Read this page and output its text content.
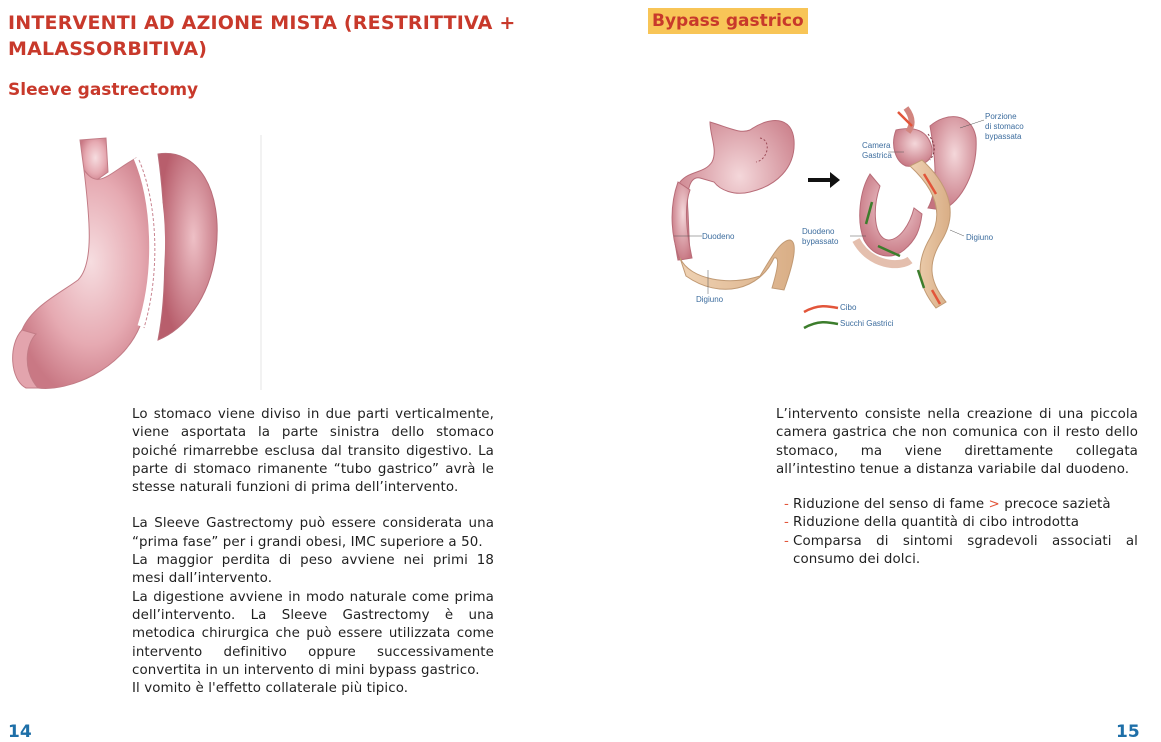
INTERVENTI AD AZIONE MISTA (RESTRITTIVA + MALASSORBITIVA)
Sleeve gastrectomy

Lo stomaco viene diviso in due parti verticalmente, viene asportata la parte sinistra dello stomaco poiché rimarrebbe esclusa dal transito digestivo. La parte di stomaco rimanente “tubo gastrico” avrà le stesse naturali funzioni di prima dell’intervento.

La Sleeve Gastrectomy può essere considerata una “prima fase” per i grandi obesi, IMC superiore a 50.

La maggior perdita di peso avviene nei primi 18 mesi dall’intervento.

La digestione avviene in modo naturale come prima dell’intervento. La Sleeve Gastrectomy è una metodica chirurgica che può essere utilizzata come intervento definitivo oppure successivamente convertita in un intervento di mini bypass gastrico.

Il vomito è l'effetto collaterale più tipico.

14
Bypass gastrico
Duodeno
Digiuno
Camera
Gastrica
Porzione
di stomaco
bypassata
Duodeno
bypassato	Digiuno
Cibo
Succhi Gastrici

L’intervento consiste nella creazione di una piccola camera gastrica che non comunica con il resto dello stomaco, ma viene direttamente collegata all’intestino tenue a distanza variabile dal duodeno.

- Riduzione del senso di fame > precoce sazietà
- Riduzione della quantità di cibo introdotta
- Comparsa di sintomi sgradevoli associati al consumo dei dolci.
15
